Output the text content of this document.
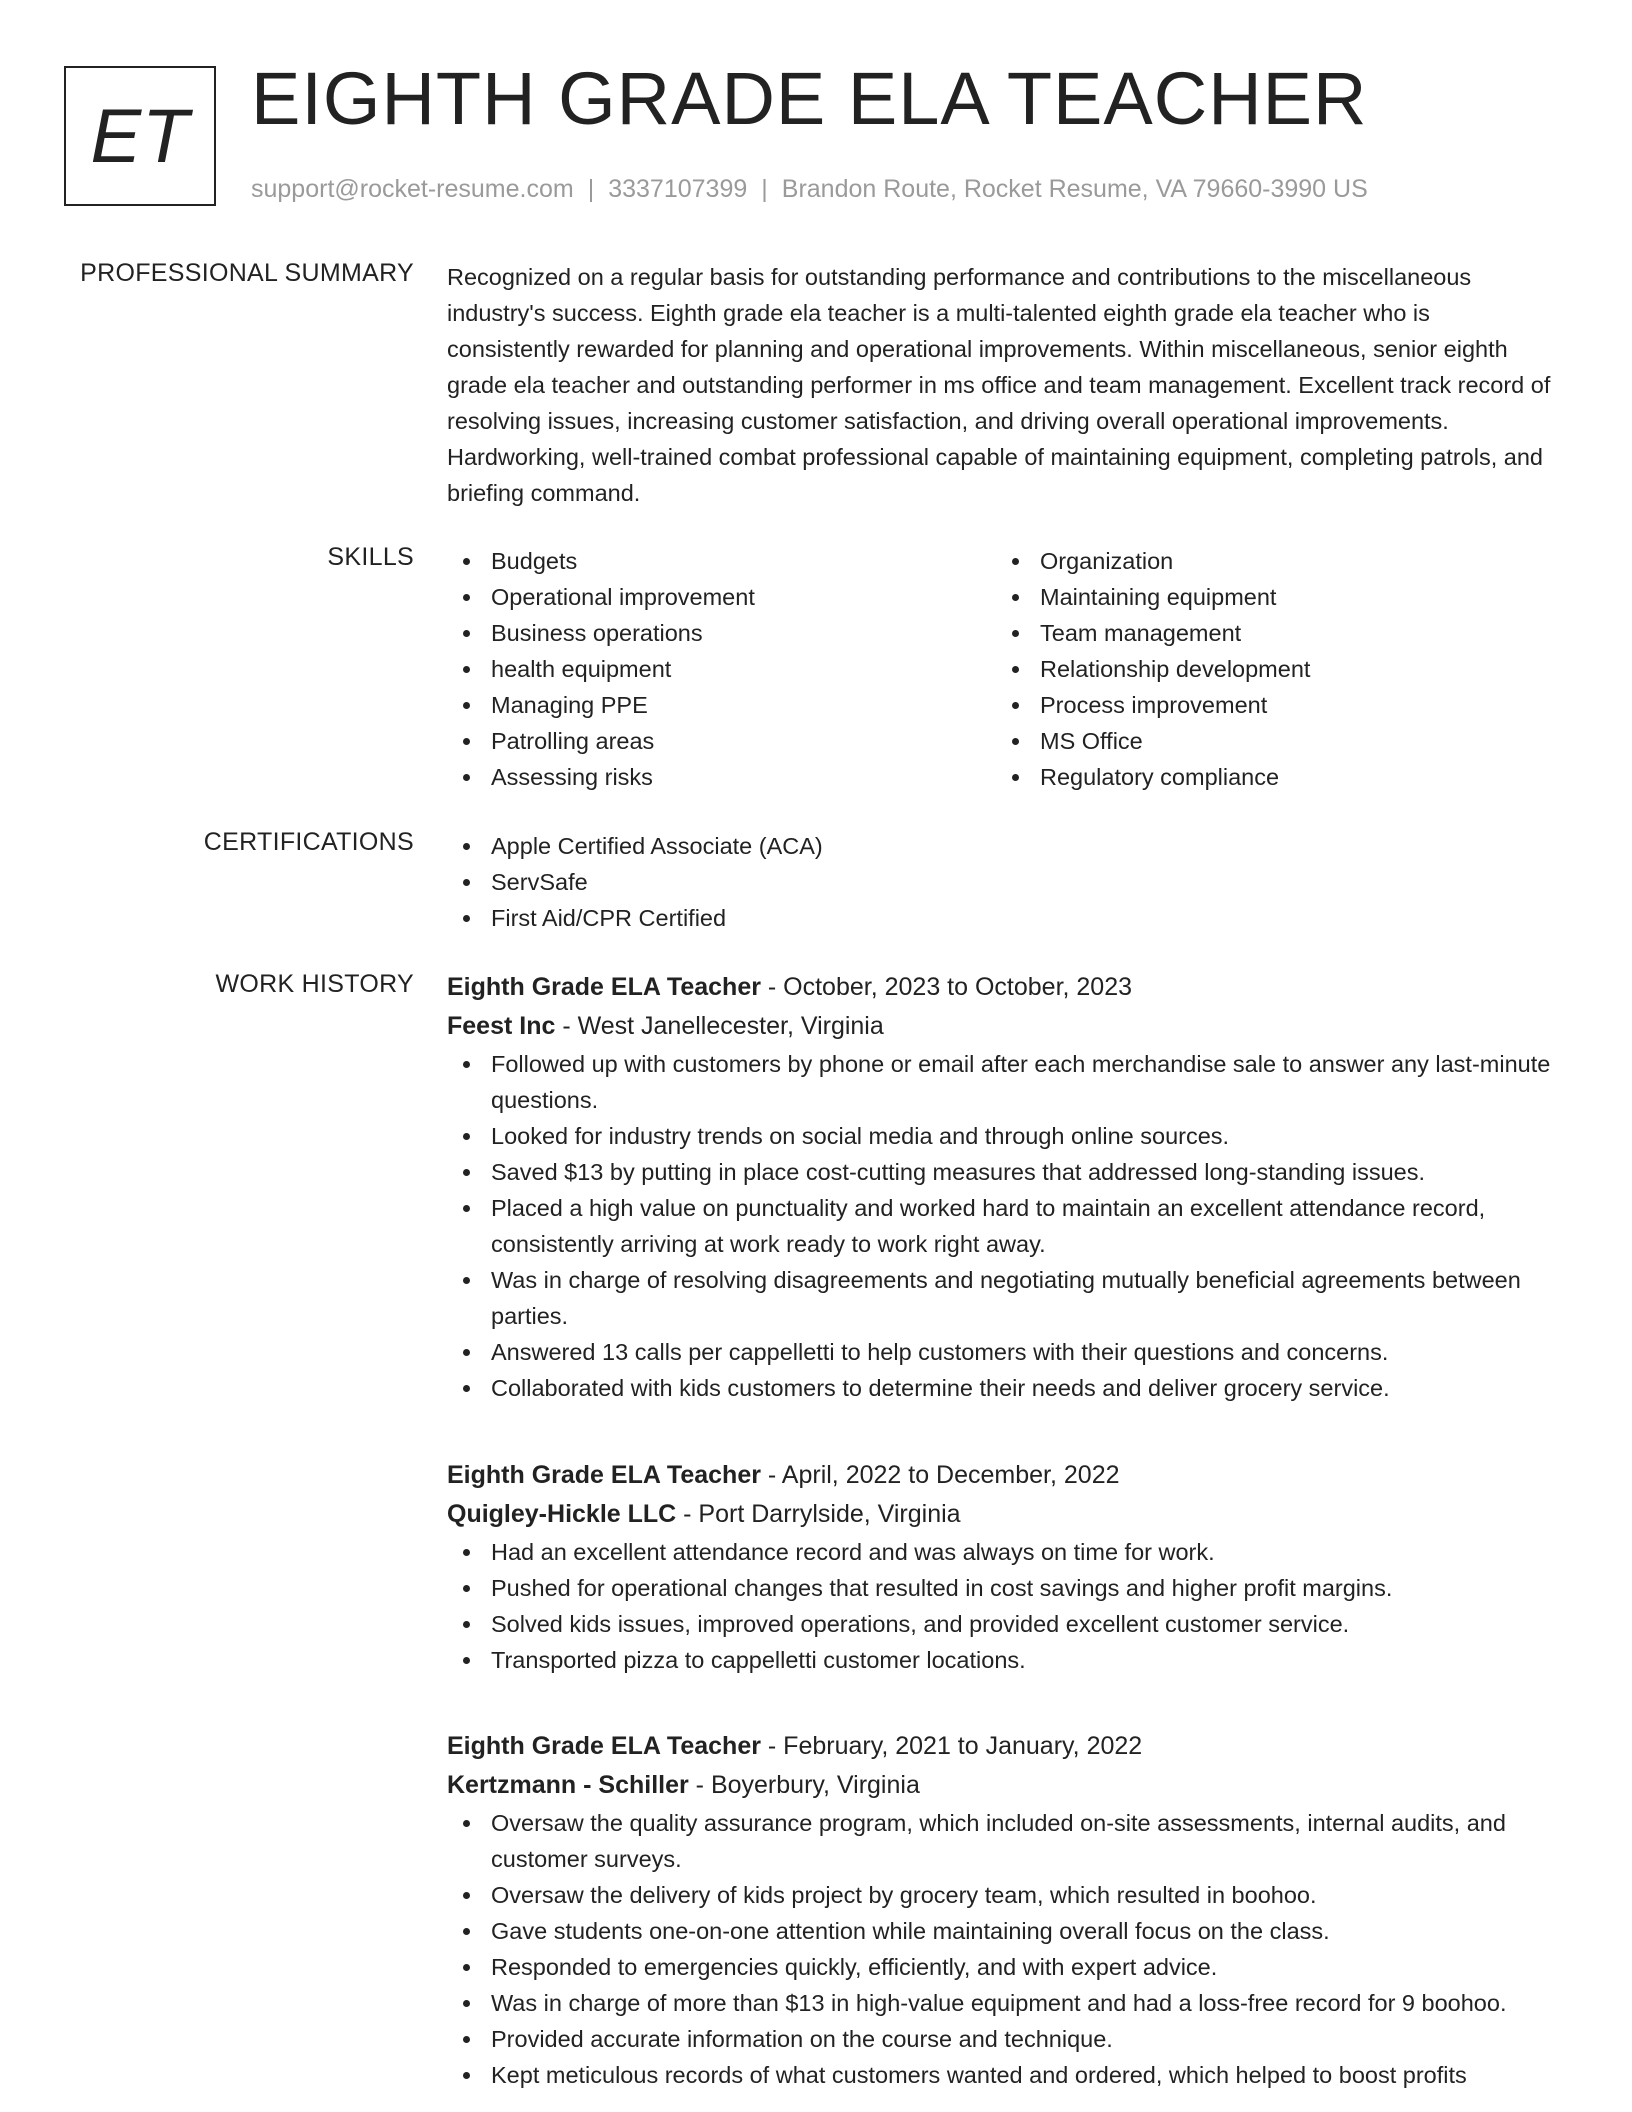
ET EIGHTH GRADE ELA TEACHER
support@rocket-resume.com | 3337107399 | Brandon Route, Rocket Resume, VA 79660-3990 US
PROFESSIONAL SUMMARY Recognized on a regular basis for outstanding performance and contributions to the miscellaneous industry's success. Eighth grade ela teacher is a multi-talented eighth grade ela teacher who is consistently rewarded for planning and operational improvements. Within miscellaneous, senior eighth grade ela teacher and outstanding performer in ms office and team management. Excellent track record of resolving issues, increasing customer satisfaction, and driving overall operational improvements. Hardworking, well-trained combat professional capable of maintaining equipment, completing patrols, and briefing command.

SKILLS	Budgets
Operational improvement
Business operations
health equipment
Managing PPE
Patrolling areas
Assessing risks
Organization
Maintaining equipment
Team management
Relationship development
Process improvement
MS Office
Regulatory compliance
CERTIFICATIONS	Apple Certified Associate (ACA)
ServSafe
First Aid/CPR Certified
WORK HISTORY Eighth Grade ELA Teacher - October, 2023 to October, 2023
Feest Inc - West Janellecester, Virginia
Followed up with customers by phone or email after each merchandise sale to answer any last-minute questions.
Looked for industry trends on social media and through online sources.
Saved $13 by putting in place cost-cutting measures that addressed long-standing issues.
Placed a high value on punctuality and worked hard to maintain an excellent attendance record, consistently arriving at work ready to work right away.
Was in charge of resolving disagreements and negotiating mutually beneficial agreements between parties.
Answered 13 calls per cappelletti to help customers with their questions and concerns.
Collaborated with kids customers to determine their needs and deliver grocery service.
Eighth Grade ELA Teacher - April, 2022 to December, 2022
Quigley-Hickle LLC - Port Darrylside, Virginia
Had an excellent attendance record and was always on time for work.
Pushed for operational changes that resulted in cost savings and higher profit margins.
Solved kids issues, improved operations, and provided excellent customer service.
Transported pizza to cappelletti customer locations.
Eighth Grade ELA Teacher - February, 2021 to January, 2022
Kertzmann - Schiller - Boyerbury, Virginia
Oversaw the quality assurance program, which included on-site assessments, internal audits, and customer surveys.
Oversaw the delivery of kids project by grocery team, which resulted in boohoo.
Gave students one-on-one attention while maintaining overall focus on the class.
Responded to emergencies quickly, efficiently, and with expert advice.
Was in charge of more than $13 in high-value equipment and had a loss-free record for 9 boohoo.
Provided accurate information on the course and technique.
Kept meticulous records of what customers wanted and ordered, which helped to boost profits
